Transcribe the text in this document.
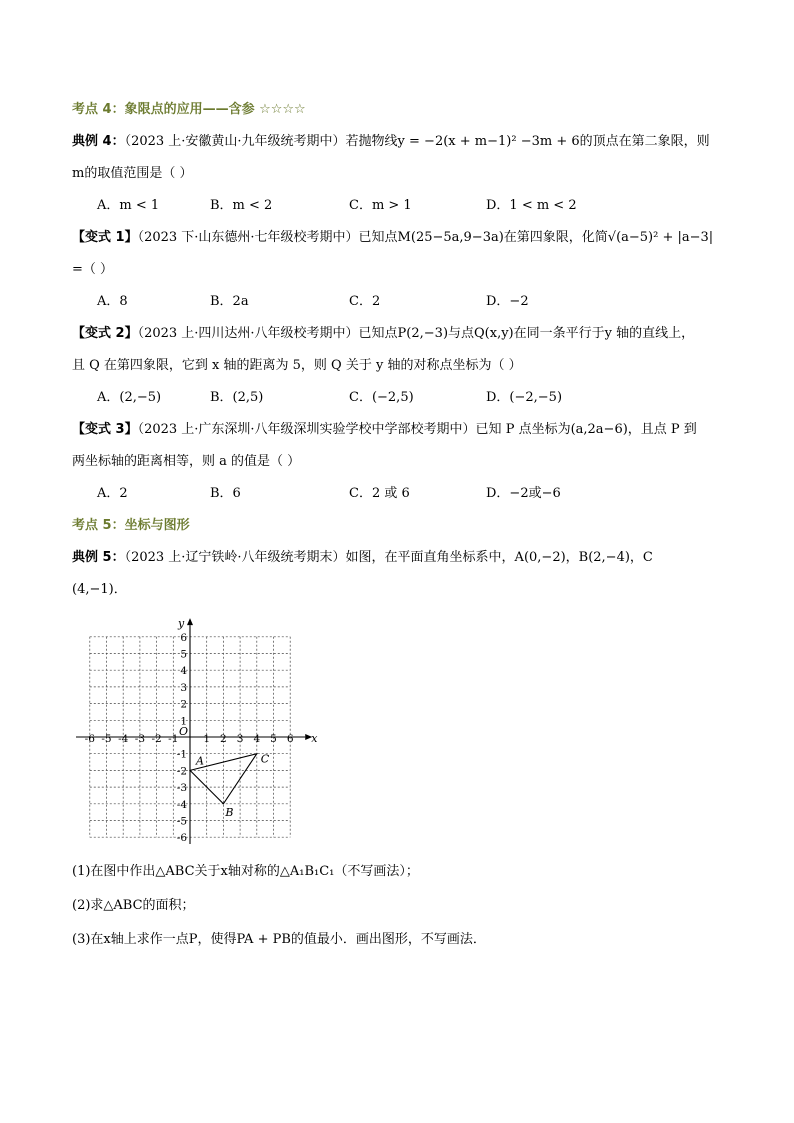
考点 4：象限点的应用——含参 ☆☆☆☆
典例 4：（2023 上·安徽黄山·九年级统考期中）若抛物线y = −2(x + m−1)² −3m + 6的顶点在第二象限，则
m的取值范围是（ ）
A．m < 1	B．m < 2	C．m > 1	D．1 < m < 2
【变式 1】（2023 下·山东德州·七年级校考期中）已知点M(25−5a,9−3a)在第四象限，化简√(a−5)² + |a−3|
=（ ）
A．8	B．2a	C．2	D．−2
【变式 2】（2023 上·四川达州·八年级校考期中）已知点P(2,−3)与点Q(x,y)在同一条平行于y 轴的直线上，
且 Q 在第四象限，它到 x 轴的距离为 5，则 Q 关于 y 轴的对称点坐标为（ ）
A．(2,−5)	B．(2,5)	C．(−2,5)	D．(−2,−5)
【变式 3】（2023 上·广东深圳·八年级深圳实验学校中学部校考期中）已知 P 点坐标为(a,2a−6)，且点 P 到
两坐标轴的距离相等，则 a 的值是（ ）
A．2	B．6	C．2 或 6	D．−2或−6
考点 5：坐标与图形
典例 5：（2023 上·辽宁铁岭·八年级统考期末）如图，在平面直角坐标系中，A(0,−2)，B(2,−4)，C
(4,−1)．
x
y
O
-6 -5 -4 -3 -2 -1 1 2 3 4 5 6
6
5
4
3
2
1
-1
-2
-3
-4
-5
-6
A
B
C
(1)在图中作出△ABC关于x轴对称的△A₁B₁C₁（不写画法）；
(2)求△ABC的面积；
(3)在x轴上求作一点P，使得PA + PB的值最小．画出图形，不写画法．
